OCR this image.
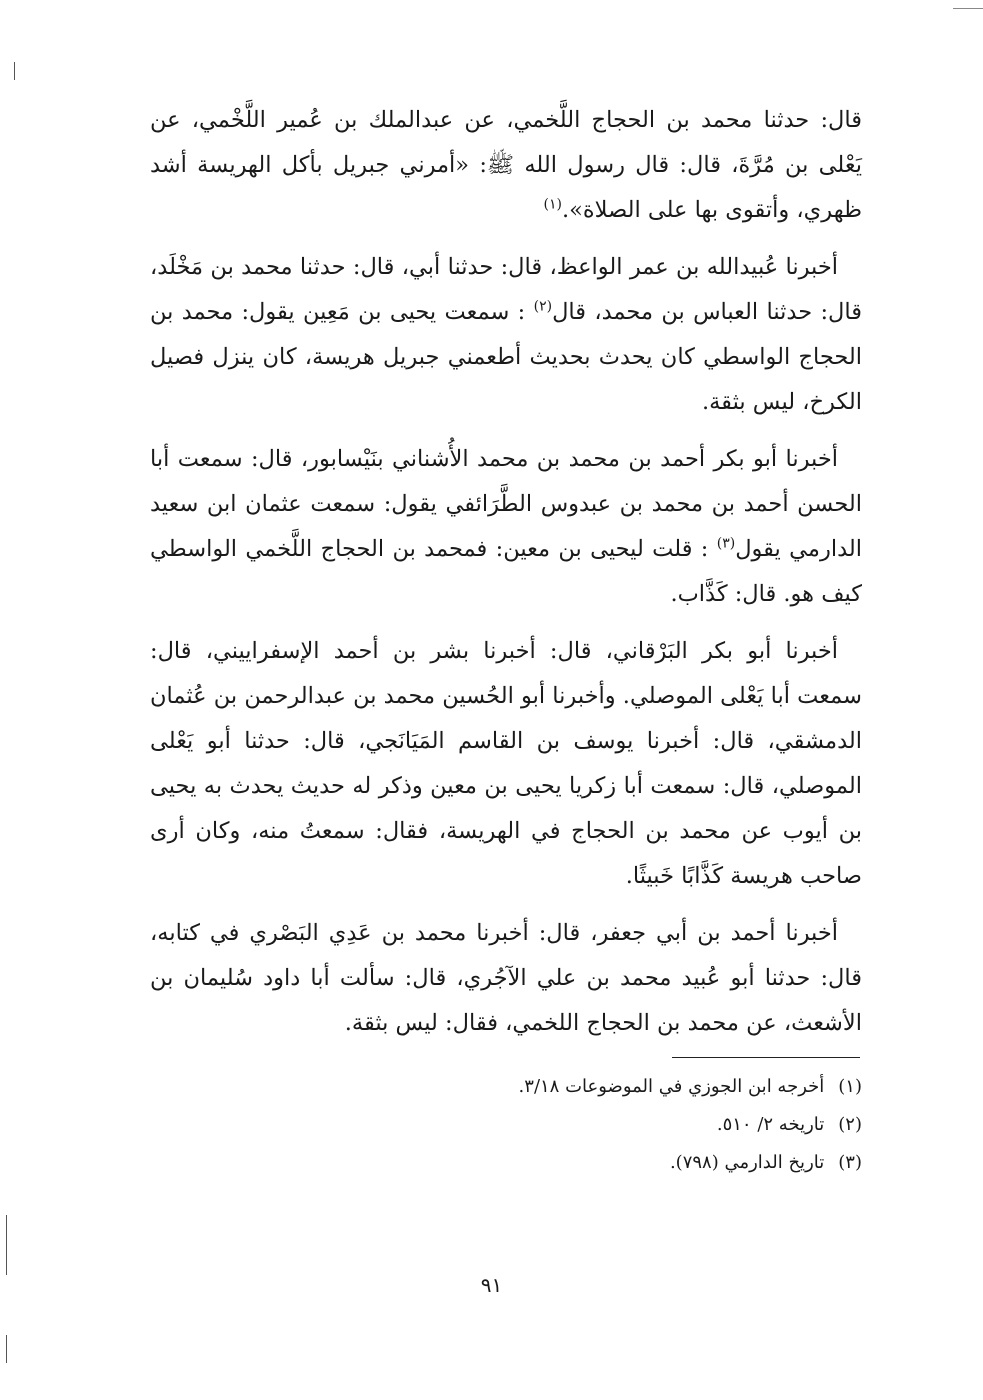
قال: حدثنا محمد بن الحجاج اللَّخمي، عن عبدالملك بن عُمير اللَّخْمي، عن يَعْلى بن مُرَّةَ، قال: قال رسول الله ﷺ: «أمرني جبريل بأكل الهريسة أشد ظهري، وأتقوى بها على الصلاة».$^{(١)}$

أخبرنا عُبيدالله بن عمر الواعظ، قال: حدثنا أبي، قال: حدثنا محمد بن مَخْلَد، قال: حدثنا العباس بن محمد، قال$^{(٢)}$ : سمعت يحيى بن مَعِين يقول: محمد بن الحجاج الواسطي كان يحدث بحديث أطعمني جبريل هريسة، كان ينزل فصيل الكرخ، ليس بثقة.

أخبرنا أبو بكر أحمد بن محمد بن محمد الأُشناني بنَيْسابور، قال: سمعت أبا الحسن أحمد بن محمد بن عبدوس الطَّرَائفي يقول: سمعت عثمان ابن سعيد الدارمي يقول$^{(٣)}$ : قلت ليحيى بن معين: فمحمد بن الحجاج اللَّخمي الواسطي كيف هو. قال: كَذَّاب.

أخبرنا أبو بكر البَرْقاني، قال: أخبرنا بشر بن أحمد الإسفراييني، قال: سمعت أبا يَعْلى الموصلي. وأخبرنا أبو الحُسين محمد بن عبدالرحمن بن عُثمان الدمشقي، قال: أخبرنا يوسف بن القاسم المَيَانَجي، قال: حدثنا أبو يَعْلى الموصلي، قال: سمعت أبا زكريا يحيى بن معين وذكر له حديث يحدث به يحيى بن أيوب عن محمد بن الحجاج في الهريسة، فقال: سمعتُ منه، وكان أرى صاحب هريسة كَذَّابًا خَبيثًا.

أخبرنا أحمد بن أبي جعفر، قال: أخبرنا محمد بن عَدِي البَصْري في كتابه، قال: حدثنا أبو عُبيد محمد بن علي الآجُري، قال: سألت أبا داود سُليمان بن الأشعث، عن محمد بن الحجاج اللخمي، فقال: ليس بثقة.

(١)أخرجه ابن الجوزي في الموضوعات ٣/١٨.
(٢)تاريخه ٢/ ٥١٠.
(٣)تاريخ الدارمي (٧٩٨).
٩١
